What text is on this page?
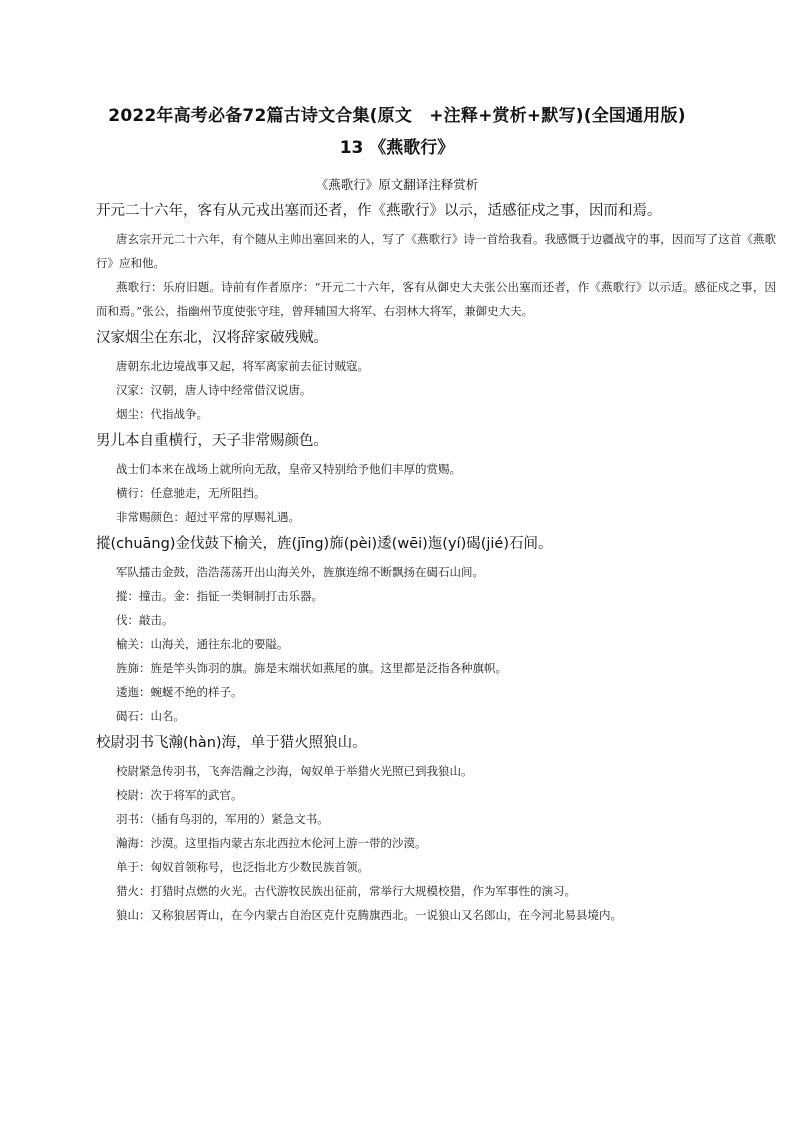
2022年高考必备72篇古诗文合集(原文　+注释+赏析+默写)(全国通用版)
13 《燕歌行》
《燕歌行》原文翻译注释赏析

开元二十六年，客有从元戎出塞而还者，作《燕歌行》以示，适感征戍之事，因而和焉。

唐玄宗开元二十六年，有个随从主帅出塞回来的人，写了《燕歌行》诗一首给我看。我感慨于边疆战守的事，因而写了这首《燕歌行》应和他。

燕歌行：乐府旧题。诗前有作者原序：“开元二十六年，客有从御史大夫张公出塞而还者，作《燕歌行》以示适。感征戍之事，因而和焉。”张公，指幽州节度使张守珪，曾拜辅国大将军、右羽林大将军，兼御史大夫。

汉家烟尘在东北，汉将辞家破残贼。

唐朝东北边境战事又起，将军离家前去征讨贼寇。

汉家：汉朝，唐人诗中经常借汉说唐。

烟尘：代指战争。

男儿本自重横行，天子非常赐颜色。

战士们本来在战场上就所向无敌，皇帝又特别给予他们丰厚的赏赐。

横行：任意驰走，无所阻挡。

非常赐颜色：超过平常的厚赐礼遇。

摐(chuāng)金伐鼓下榆关，旌(jīng)旆(pèi)逶(wēi)迤(yí)碣(jié)石间。

军队擂击金鼓，浩浩荡荡开出山海关外，旌旗连绵不断飘扬在碣石山间。

摐：撞击。金：指钲一类铜制打击乐器。

伐：敲击。

榆关：山海关，通往东北的要隘。

旌旆：旌是竿头饰羽的旗。旆是末端状如燕尾的旗。这里都是泛指各种旗帜。

逶迤：蜿蜒不绝的样子。

碣石：山名。

校尉羽书飞瀚(hàn)海，单于猎火照狼山。

校尉紧急传羽书，飞奔浩瀚之沙海，匈奴单于举猎火光照已到我狼山。

校尉：次于将军的武官。

羽书：（插有鸟羽的，军用的）紧急文书。

瀚海：沙漠。这里指内蒙古东北西拉木伦河上游一带的沙漠。

单于：匈奴首领称号，也泛指北方少数民族首领。

猎火：打猎时点燃的火光。古代游牧民族出征前，常举行大规模校猎，作为军事性的演习。

狼山：又称狼居胥山，在今内蒙古自治区克什克腾旗西北。一说狼山又名郎山，在今河北易县境内。
